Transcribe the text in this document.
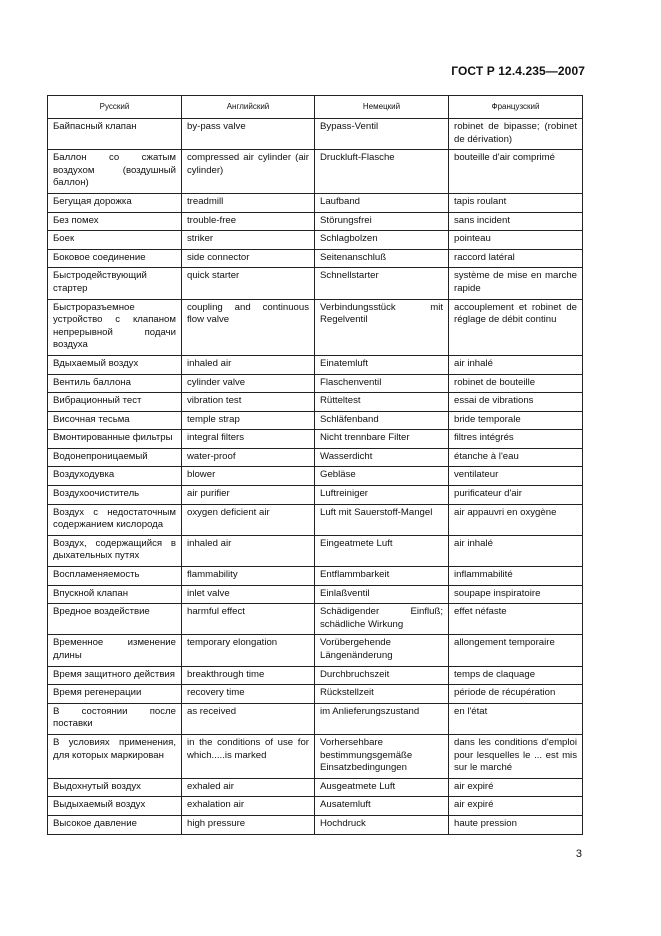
ГОСТ Р 12.4.235—2007
Русский	Английский	Немецкий	Французский
Байпасный клапан	by-pass valve	Bypass-Ventil	robinet de bipasse; (robinet de dérivation)
Баллон со сжатым воздухом (воздушный баллон)	compressed air cylinder (air cylinder)	Druckluft-Flasche	bouteille d'air comprimé
Бегущая дорожка	treadmill	Laufband	tapis roulant
Без помех	trouble-free	Störungsfrei	sans incident
Боек	striker	Schlagbolzen	pointeau
Боковое соединение	side connector	Seitenanschluß	raccord latéral
Быстродействующий стартер	quick starter	Schnellstarter	système de mise en marche rapide
Быстроразъемное устройство с клапаном непрерывной подачи воздуха	coupling and continuous flow valve	Verbindungsstück mit Regelventil	accouplement et robinet de réglage de débit continu
Вдыхаемый воздух	inhaled air	Einatemluft	air inhalé
Вентиль баллона	cylinder valve	Flaschenventil	robinet de bouteille
Вибрационный тест	vibration test	Rütteltest	essai de vibrations
Височная тесьма	temple strap	Schläfenband	bride temporale
Вмонтированные фильтры	integral filters	Nicht trennbare Filter	filtres intégrés
Водонепроницаемый	water-proof	Wasserdicht	étanche à l'eau
Воздуходувка	blower	Gebläse	ventilateur
Воздухоочиститель	air purifier	Luftreiniger	purificateur d'air
Воздух с недостаточным содержанием кислорода	oxygen deficient air	Luft mit Sauerstoff-Mangel	air appauvri en oxygène
Воздух, содержащийся в дыхательных путях	inhaled air	Eingeatmete Luft	air inhalé
Воспламеняемость	flammability	Entflammbarkeit	inflammabilité
Впускной клапан	inlet valve	Einlaßventil	soupape inspiratoire
Вредное воздействие	harmful effect	Schädigender Einfluß; schädliche Wirkung	effet néfaste
Временное изменение длины	temporary elongation	Vorübergehende Längenänderung	allongement temporaire
Время защитного действия	breakthrough time	Durchbruchszeit	temps de claquage
Время регенерации	recovery time	Rückstellzeit	période de récupération
В состоянии после поставки	as received	im Anlieferungszustand	en l'état
В условиях применения, для которых маркирован	in the conditions of use for which.....is marked	Vorhersehbare bestimmungsgemäße Einsatzbedingungen	dans les conditions d'emploi pour lesquelles le ... est mis sur le marché
Выдохнутый воздух	exhaled air	Ausgeatmete Luft	air expiré
Выдыхаемый воздух	exhalation air	Ausatemluft	air expiré
Высокое давление	high pressure	Hochdruck	haute pression
3
